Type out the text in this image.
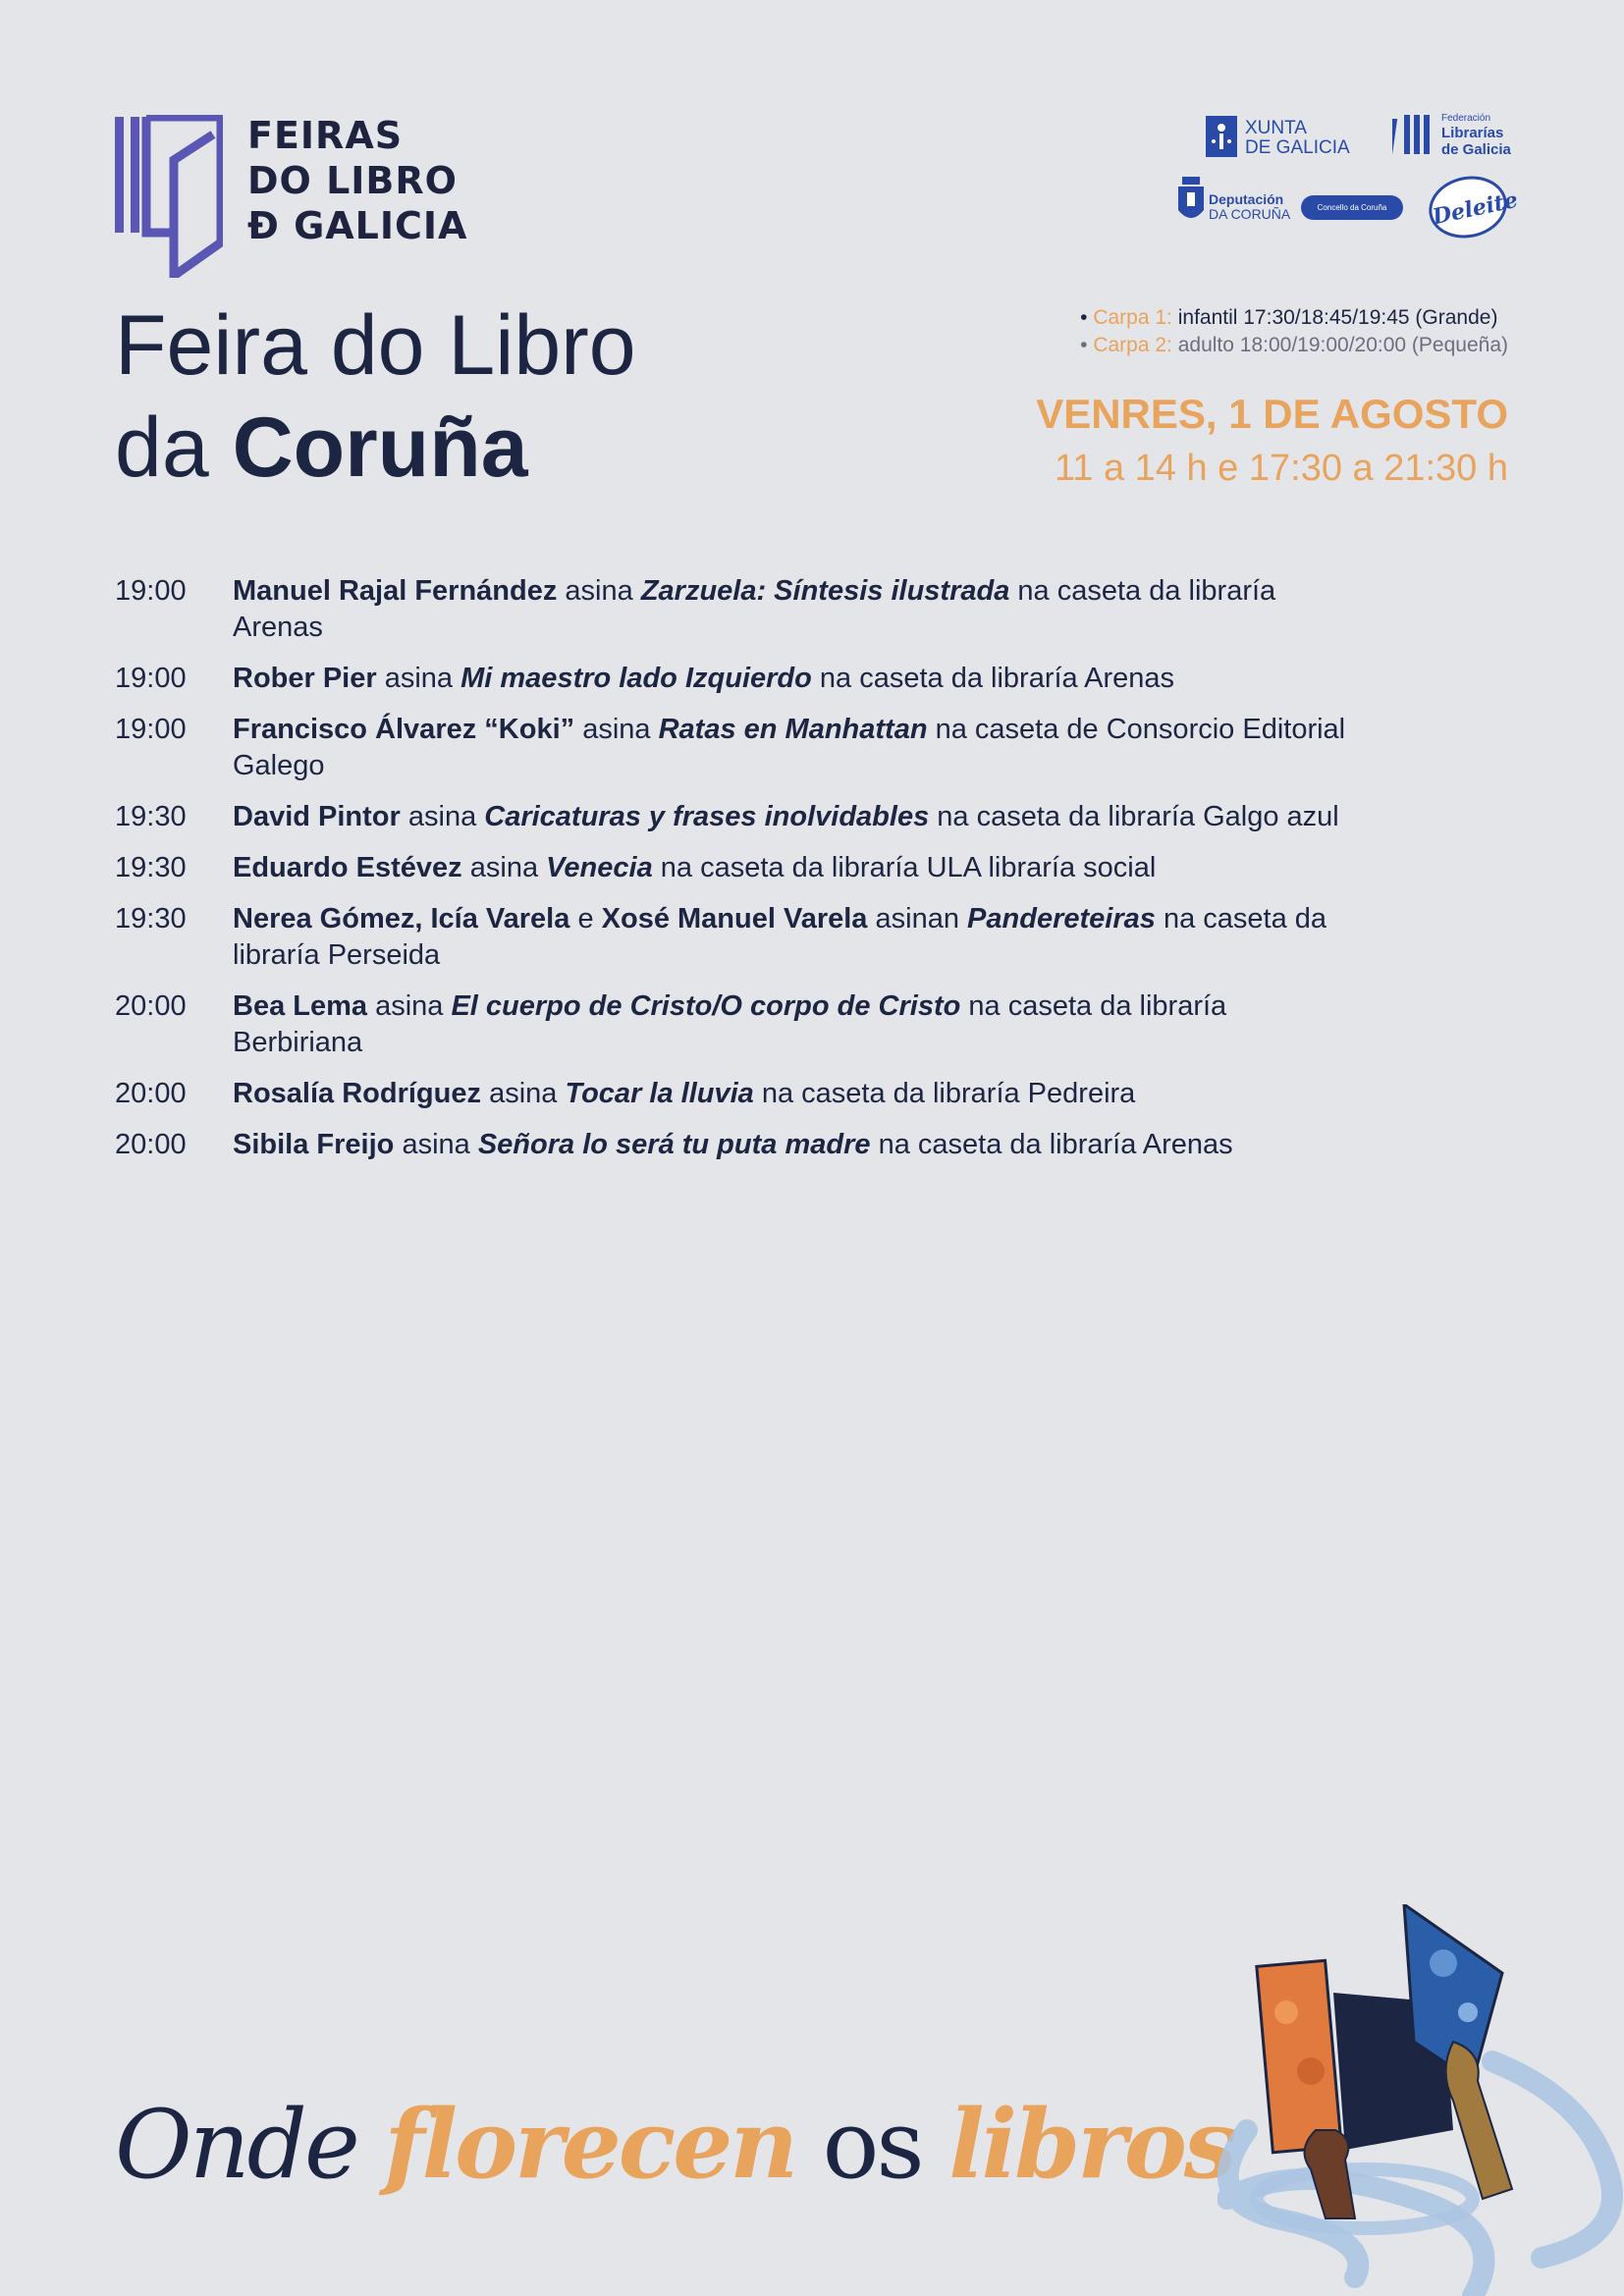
FEIRAS
DO LIBRO
Đ GALICIA
XUNTA
DE GALICIA
Federación
Librarías
de Galicia
Deputación
DA CORUÑA	Concello da Coruña	Deleite
Feira do Libro
da Coruña
• Carpa 1: infantil 17:30/18:45/19:45 (Grande)
• Carpa 2: adulto 18:00/19:00/20:00 (Pequeña)
VENRES, 1 DE AGOSTO
11 a 14 h e 17:30 a 21:30 h
19:00	Manuel Rajal Fernández asina Zarzuela: Síntesis ilustrada na caseta da libraría Arenas
19:00	Rober Pier asina Mi maestro lado Izquierdo na caseta da libraría Arenas
19:00	Francisco Álvarez “Koki” asina Ratas en Manhattan na caseta de Consorcio Editorial Galego
19:30	David Pintor asina Caricaturas y frases inolvidables na caseta da libraría Galgo azul
19:30	Eduardo Estévez asina Venecia na caseta da libraría ULA libraría social
19:30	Nerea Gómez, Icía Varela e Xosé Manuel Varela asinan Pandereteiras na caseta da libraría Perseida
20:00	Bea Lema asina El cuerpo de Cristo/O corpo de Cristo na caseta da libraría Berbiriana
20:00	Rosalía Rodríguez asina Tocar la lluvia na caseta da libraría Pedreira
20:00	Sibila Freijo asina Señora lo será tu puta madre na caseta da libraría Arenas
Onde florecen os libros
